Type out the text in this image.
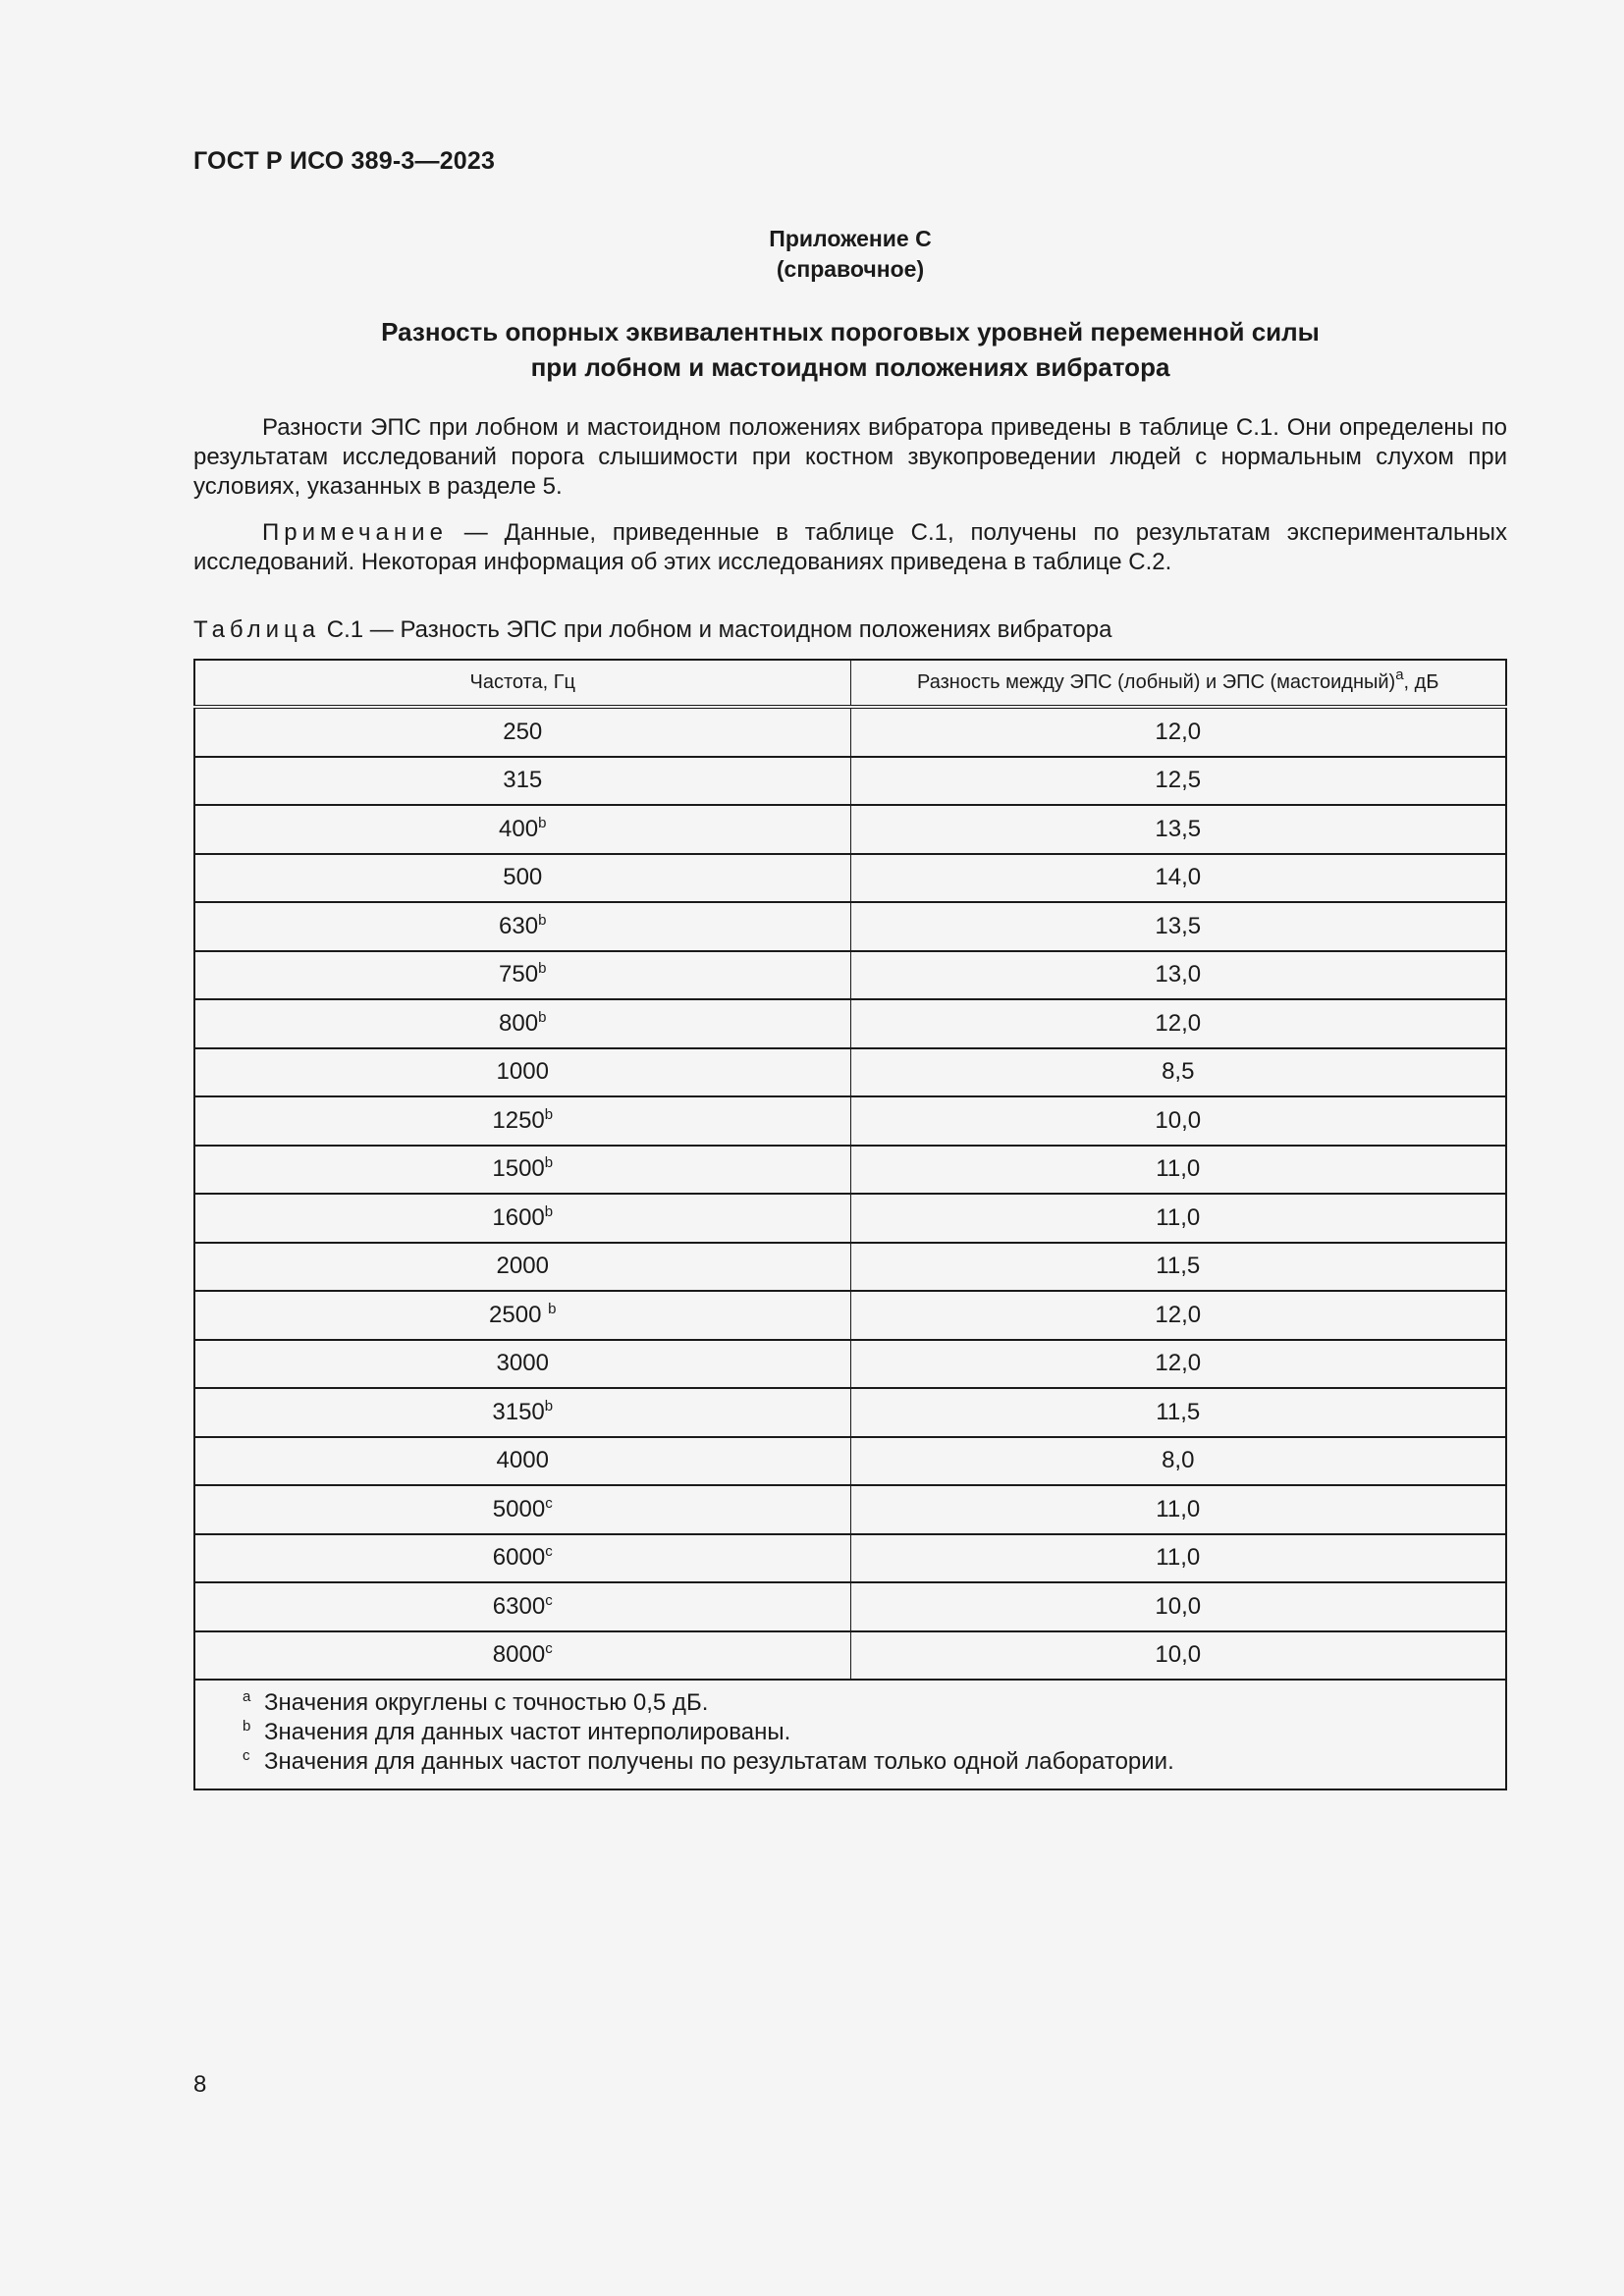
ГОСТ Р ИСО 389-3—2023
Приложение С
(справочное)
Разность опорных эквивалентных пороговых уровней переменной силы
при лобном и мастоидном положениях вибратора

Разности ЭПС при лобном и мастоидном положениях вибратора приведены в таблице С.1. Они определены по результатам исследований порога слышимости при костном звукопроведении людей с нормальным слухом при условиях, указанных в разделе 5.

Примечание — Данные, приведенные в таблице С.1, получены по результатам экспериментальных исследований. Некоторая информация об этих исследованиях приведена в таблице С.2.

Таблица С.1 — Разность ЭПС при лобном и мастоидном положениях вибратора

Частота, Гц	Разность между ЭПС (лобный) и ЭПС (мастоидный)$^a$, дБ
250	12,0
315	12,5
400$^b$	13,5
500	14,0
630$^b$	13,5
750$^b$	13,0
800$^b$	12,0
1000	8,5
1250$^b$	10,0
1500$^b$	11,0
1600$^b$	11,0
2000	11,5
2500 $^b$	12,0
3000	12,0
3150$^b$	11,5
4000	8,0
5000$^c$	11,0
6000$^c$	11,0
6300$^c$	10,0
8000$^c$	10,0

$^a$ Значения округлены с точностью 0,5 дБ.
$^b$ Значения для данных частот интерполированы.
$^c$ Значения для данных частот получены по результатам только одной лаборатории.	

8
